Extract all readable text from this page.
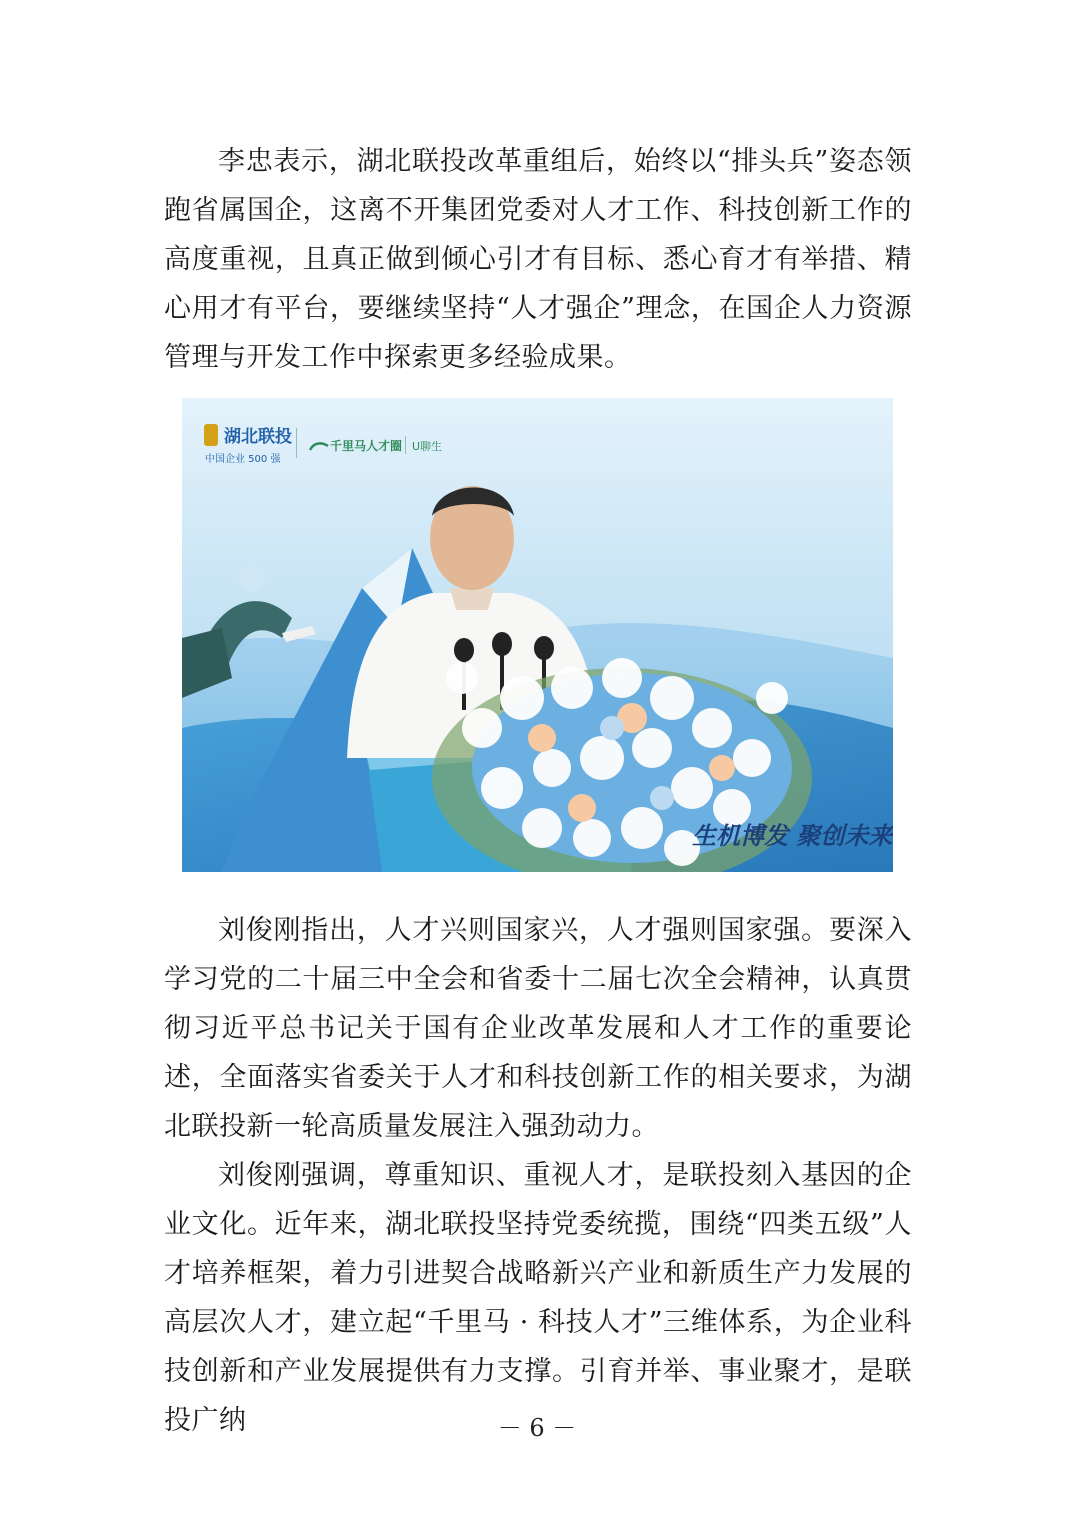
李忠表示，湖北联投改革重组后，始终以“排头兵”姿态领跑省属国企，这离不开集团党委对人才工作、科技创新工作的高度重视，且真正做到倾心引才有目标、悉心育才有举措、精心用才有平台，要继续坚持“人才强企”理念，在国企人力资源管理与开发工作中探索更多经验成果。

湖北联投
中国企业 500 强
千里马人才圈 U聊生
生机博发 聚创未来

刘俊刚指出，人才兴则国家兴，人才强则国家强。要深入学习党的二十届三中全会和省委十二届七次全会精神，认真贯彻习近平总书记关于国有企业改革发展和人才工作的重要论述，全面落实省委关于人才和科技创新工作的相关要求，为湖北联投新一轮高质量发展注入强劲动力。

刘俊刚强调，尊重知识、重视人才，是联投刻入基因的企业文化。近年来，湖北联投坚持党委统揽，围绕“四类五级”人才培养框架，着力引进契合战略新兴产业和新质生产力发展的高层次人才，建立起“千里马 · 科技人才”三维体系，为企业科技创新和产业发展提供有力支撑。引育并举、事业聚才，是联投广纳	－ 6 －
